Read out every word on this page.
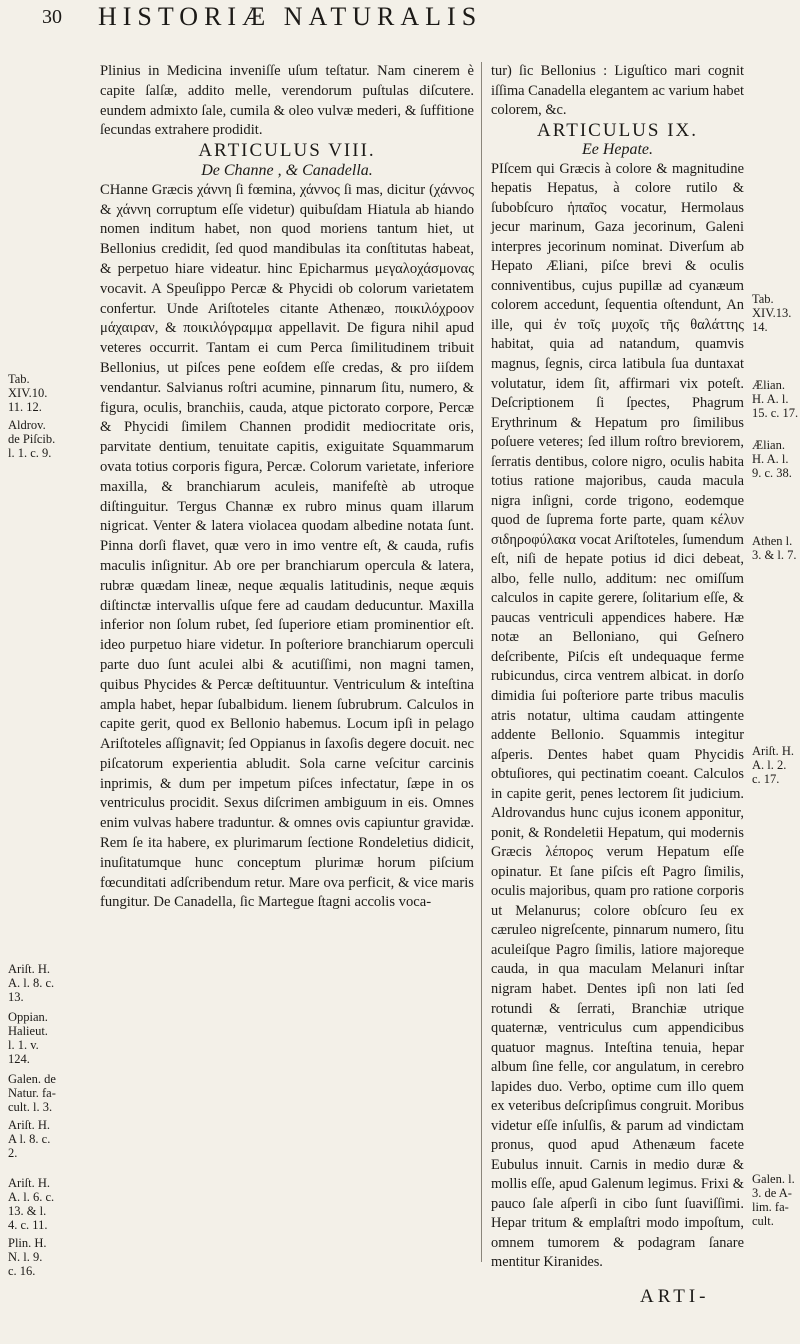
30 HISTORIÆ NATURALIS
Tab.
XIV.10.
11. 12.
Aldrov.
de Piſcib.
l. 1. c. 9.
Ariſt. H.
A. l. 8. c.
13.
Oppian.
Halieut.
l. 1. v.
124.
Galen. de
Natur. fa-
cult. l. 3.
Ariſt. H.
A l. 8. c.
2.
Ariſt. H.
A. l. 6. c.
13. & l.
4. c. 11.
Plin. H.
N. l. 9.
c. 16.

Plinius in Medicina inveniſſe uſum teſtatur. Nam cinerem è capite ſalſæ, addito melle, verendorum puſtulas diſcutere. eundem admixto ſale, cumila & oleo vulvæ mederi, & ſuffitione ſecundas extrahere prodidit.

ARTICULUS VIII.

De Channe , & Canadella.

CHanne Græcis χάννη ſi fœmina, χάννος ſi mas, dicitur (χάννος & χάννη corruptum eſſe videtur) quibuſdam Hiatula ab hiando nomen inditum habet, non quod moriens tantum hiet, ut Bellonius credidit, ſed quod mandibulas ita conſtitutas habeat, & perpetuo hiare videatur. hinc Epicharmus μεγαλοχάσμονας vocavit. A Speuſippo Percæ & Phycidi ob colorum varietatem confertur. Unde Ariſtoteles citante Athenæo, ποικιλόχροον μάχαιραν, & ποικιλόγραμμα appellavit. De figura nihil apud veteres occurrit. Tantam ei cum Perca ſimilitudinem tribuit Bellonius, ut piſces pene eoſdem eſſe credas, & pro iiſdem vendantur. Salvianus roſtri acumine, pinnarum ſitu, numero, & figura, oculis, branchiis, cauda, atque pictorato corpore, Percæ & Phycidi ſimilem Channen prodidit mediocritate oris, parvitate dentium, tenuitate capitis, exiguitate Squammarum ovata totius corporis figura, Percæ. Colorum varietate, inferiore maxilla, & branchiarum aculeis, manifeſtè ab utroque diſtinguitur. Tergus Channæ ex rubro minus quam illarum nigricat. Venter & latera violacea quodam albedine notata ſunt. Pinna dorſi flavet, quæ vero in imo ventre eſt, & cauda, rufis maculis inſignitur. Ab ore per branchiarum opercula & latera, rubræ quædam lineæ, neque æqualis latitudinis, neque æquis diſtinctæ intervallis uſque fere ad caudam deducuntur. Maxilla inferior non ſolum rubet, ſed ſuperiore etiam prominentior eſt. ideo purpetuo hiare videtur. In poſteriore branchiarum operculi parte duo ſunt aculei albi & acutiſſimi, non magni tamen, quibus Phycides & Percæ deſtituuntur. Ventriculum & inteſtina ampla habet, hepar ſubalbidum. lienem ſubrubrum. Calculos in capite gerit, quod ex Bellonio habemus. Locum ipſi in pelago Ariſtoteles aſſignavit; ſed Oppianus in ſaxoſis degere docuit. nec piſcatorum experientia abludit. Sola carne veſcitur carcinis inprimis, & dum per impetum piſces infectatur, ſæpe in os ventriculus procidit. Sexus diſcrimen ambiguum in eis. Omnes enim vulvas habere traduntur. & omnes ovis capiuntur gravidæ. Rem ſe ita habere, ex plurimarum ſectione Rondeletius didicit, inuſitatumque hunc conceptum plurimæ horum piſcium fœcunditati adſcribendum retur. Mare ova perficit, & vice maris fungitur. De Canadella, ſic Martegue ſtagni accolis voca-

tur) ſic Bellonius : Liguſtico mari cognit iſſima Canadella elegantem ac varium habet colorem, &c.

ARTICULUS IX.

Ee Hepate.

PIſcem qui Græcis à colore & magnitudine hepatis Hepatus, à colore rutilo & ſubobſcuro ἡπαῖος vocatur, Hermolaus jecur marinum, Gaza jecorinum, Galeni interpres jecorinum nominat. Diverſum ab Hepato Æliani, piſce brevi & oculis conniventibus, cujus pupillæ ad cyanæum colorem accedunt, ſequentia oſtendunt, An ille, qui ἐν τοῖς μυχοῖς τῆς θαλάττης habitat, quia ad natandum, quamvis magnus, ſegnis, circa latibula ſua duntaxat volutatur, idem ſit, affirmari vix poteſt. Deſcriptionem ſi ſpectes, Phagrum Erythrinum & Hepatum pro ſimilibus poſuere veteres; ſed illum roſtro breviorem, ſerratis dentibus, colore nigro, oculis habita totius ratione majoribus, cauda macula nigra inſigni, corde trigono, eodemque quod de ſuprema forte parte, quam κέλυν σιδηροφύλακα vocat Ariſtoteles, ſumendum eſt, niſi de hepate potius id dici debeat, albo, felle nullo, additum: nec omiſſum calculos in capite gerere, ſolitarium eſſe, & paucas ventriculi appendices habere. Hæ notæ an Bellonianο, qui Geſnero deſcribente, Piſcis eſt undequaque ferme rubicundus, circa ventrem albicat. in dorſo dimidia ſui poſteriore parte tribus maculis atris notatur, ultima caudam attingente addente Bellonio. Squammis integitur aſperis. Dentes habet quam Phycidis obtuſiores, qui pectinatim coeant. Calculos in capite gerit, penes lectorem ſit judicium. Aldrovandus hunc cujus iconem apponitur, ponit, & Rondeletii Hepatum, qui modernis Græcis λέπορος verum Hepatum eſſe opinatur. Et ſane piſcis eſt Pagro ſimilis, oculis majoribus, quam pro ratione corporis ut Melanurus; colore obſcuro ſeu ex cæruleo nigreſcente, pinnarum numero, ſitu aculeiſque Pagro ſimilis, latiore majoreque cauda, in qua maculam Melanuri inſtar nigram habet. Dentes ipſi non lati ſed rotundi & ſerrati, Branchiæ utrique quaternæ, ventriculus cum appendicibus quatuor magnus. Inteſtina tenuia, hepar album ſine felle, cor angulatum, in cerebro lapides duo. Verbo, optime cum illo quem ex veteribus deſcripſimus congruit. Moribus videtur eſſe inſulſis, & parum ad vindictam pronus, quod apud Athenæum facete Eubulus innuit. Carnis in medio duræ & mollis eſſe, apud Galenum legimus. Frixi & pauco ſale aſperſi in cibo ſunt ſuaviſſimi. Hepar tritum & emplaſtri modo impoſtum, omnem tumorem & podagram ſanare mentitur Kiranides.

Tab.
XIV.13.
14.
Ælian.
H. A. l.
15. c. 17.
Ælian.
H. A. l.
9. c. 38.
Athen l.
3. & l. 7.
Ariſt. H.
A. l. 2.
c. 17.
Galen. l.
3. de A-
lim. fa-
cult.
ARTI-
